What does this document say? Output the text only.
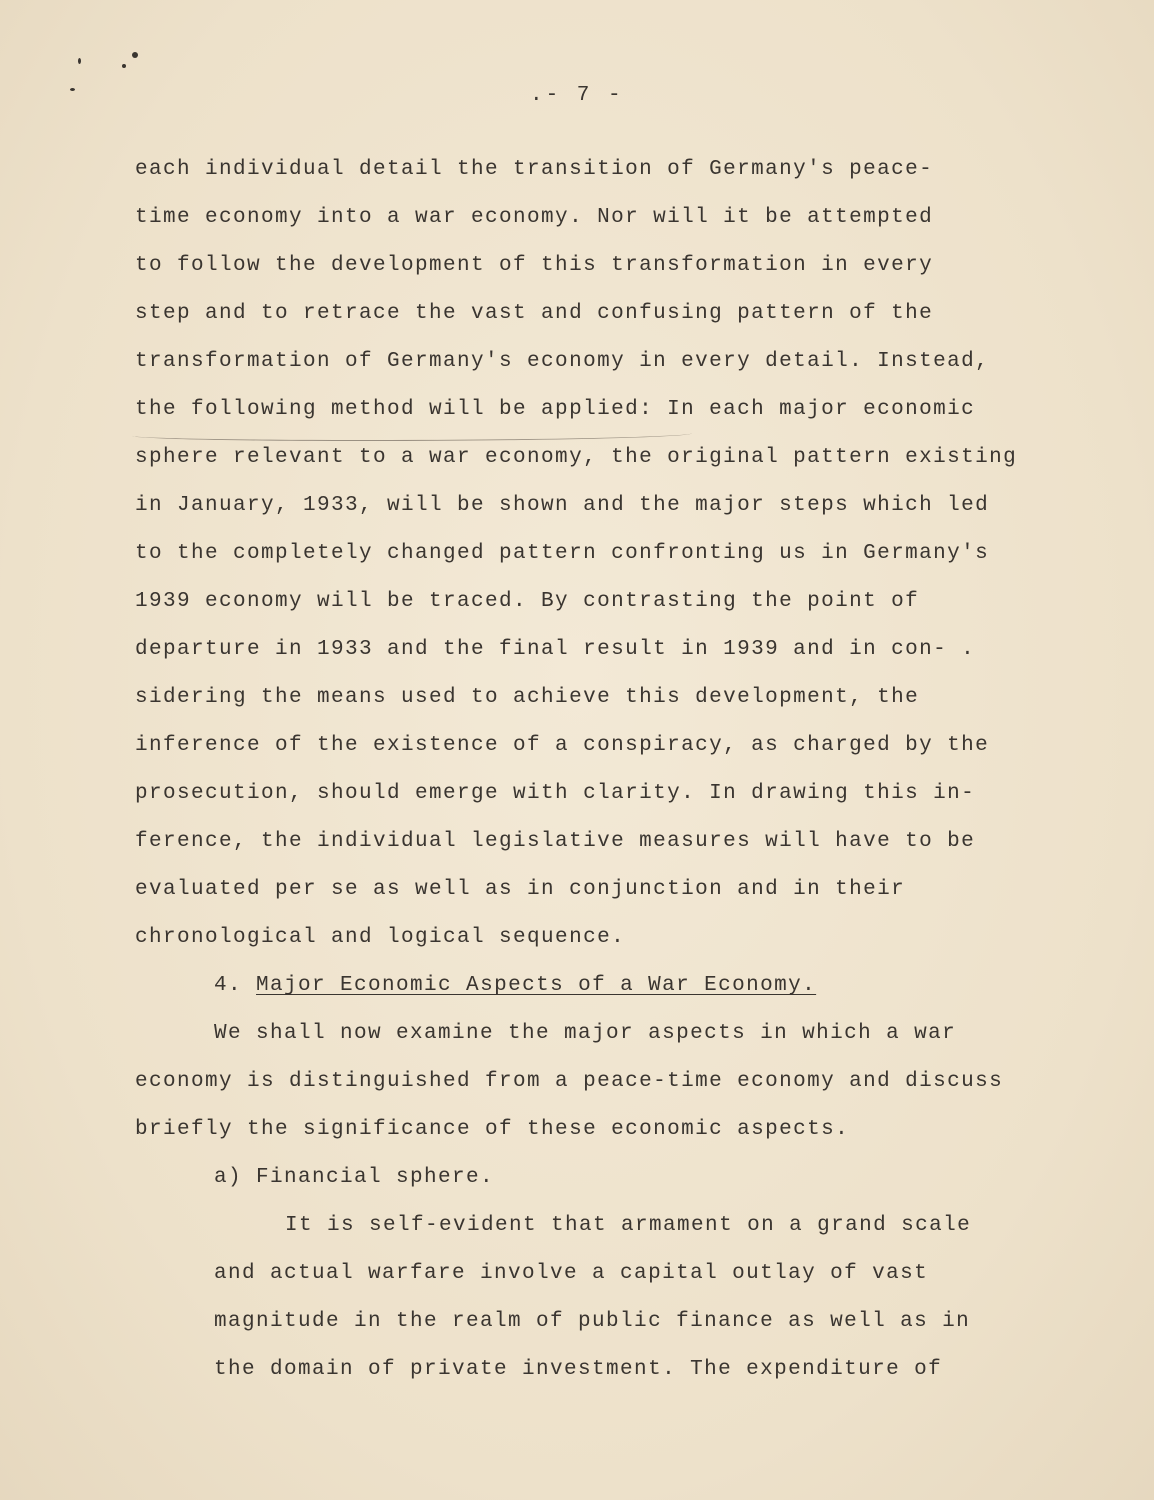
.- 7 -
each individual detail the transition of Germany's peace-
time economy into a war economy. Nor will it be attempted
to follow the development of this transformation in every
step and to retrace the vast and confusing pattern of the
transformation of Germany's economy in every detail. Instead,
the following method will be applied: In each major economic
sphere relevant to a war economy, the original pattern existing
in January, 1933, will be shown and the major steps which led
to the completely changed pattern confronting us in Germany's
1939 economy will be traced. By contrasting the point of
departure in 1933 and the final result in 1939 and in con- .
sidering the means used to achieve this development, the
inference of the existence of a conspiracy, as charged by the
prosecution, should emerge with clarity. In drawing this in-
ference, the individual legislative measures will have to be
evaluated per se as well as in conjunction and in their
chronological and logical sequence.
4. Major Economic Aspects of a War Economy.
We shall now examine the major aspects in which a war
economy is distinguished from a peace-time economy and discuss
briefly the significance of these economic aspects.
a) Financial sphere.
It is self-evident that armament on a grand scale
and actual warfare involve a capital outlay of vast
magnitude in the realm of public finance as well as in
the domain of private investment. The expenditure of
